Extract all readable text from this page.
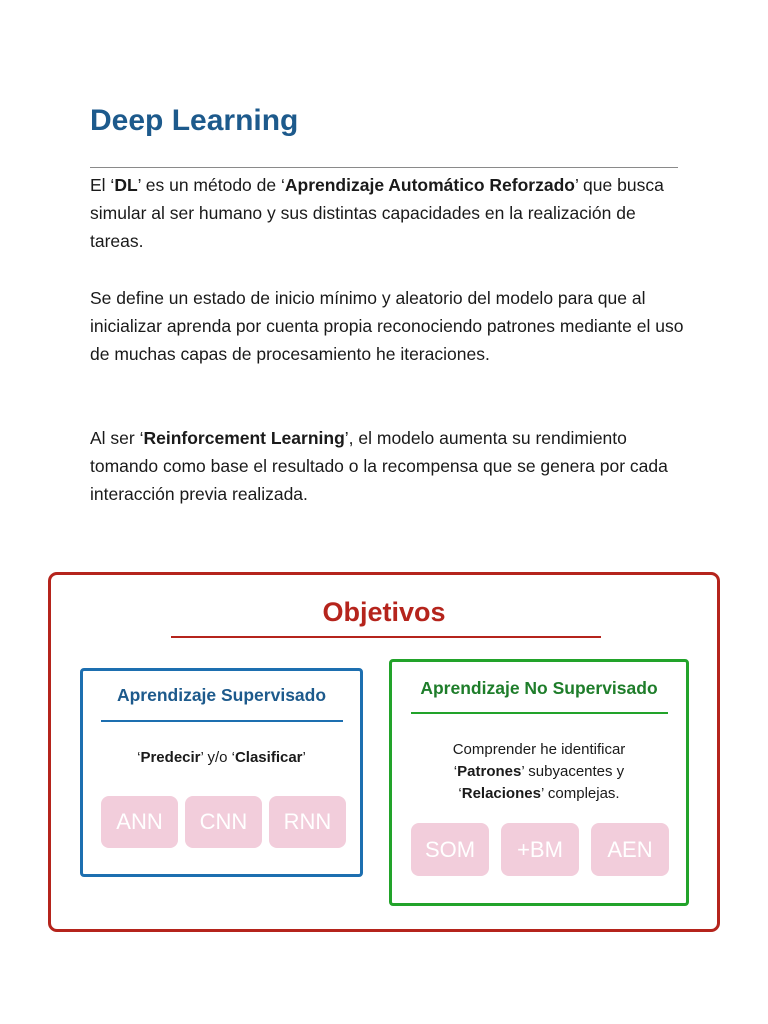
Deep Learning

El ‘DL’ es un método de ‘Aprendizaje Automático Reforzado’ que busca simular al ser humano y sus distintas capacidades en la realización de tareas.

Se define un estado de inicio mínimo y aleatorio del modelo para que al inicializar aprenda por cuenta propia reconociendo patrones mediante el uso de muchas capas de procesamiento he iteraciones.

Al ser ‘Reinforcement Learning’, el modelo aumenta su rendimiento tomando como base el resultado o la recompensa que se genera por cada interacción previa realizada.

Objetivos
Aprendizaje Supervisado
‘Predecir’ y/o ‘Clasificar’
ANN	CNN	RNN
Aprendizaje No Supervisado
Comprender he identificar
‘Patrones’ subyacentes y
‘Relaciones’ complejas.
SOM	+BM	AEN
